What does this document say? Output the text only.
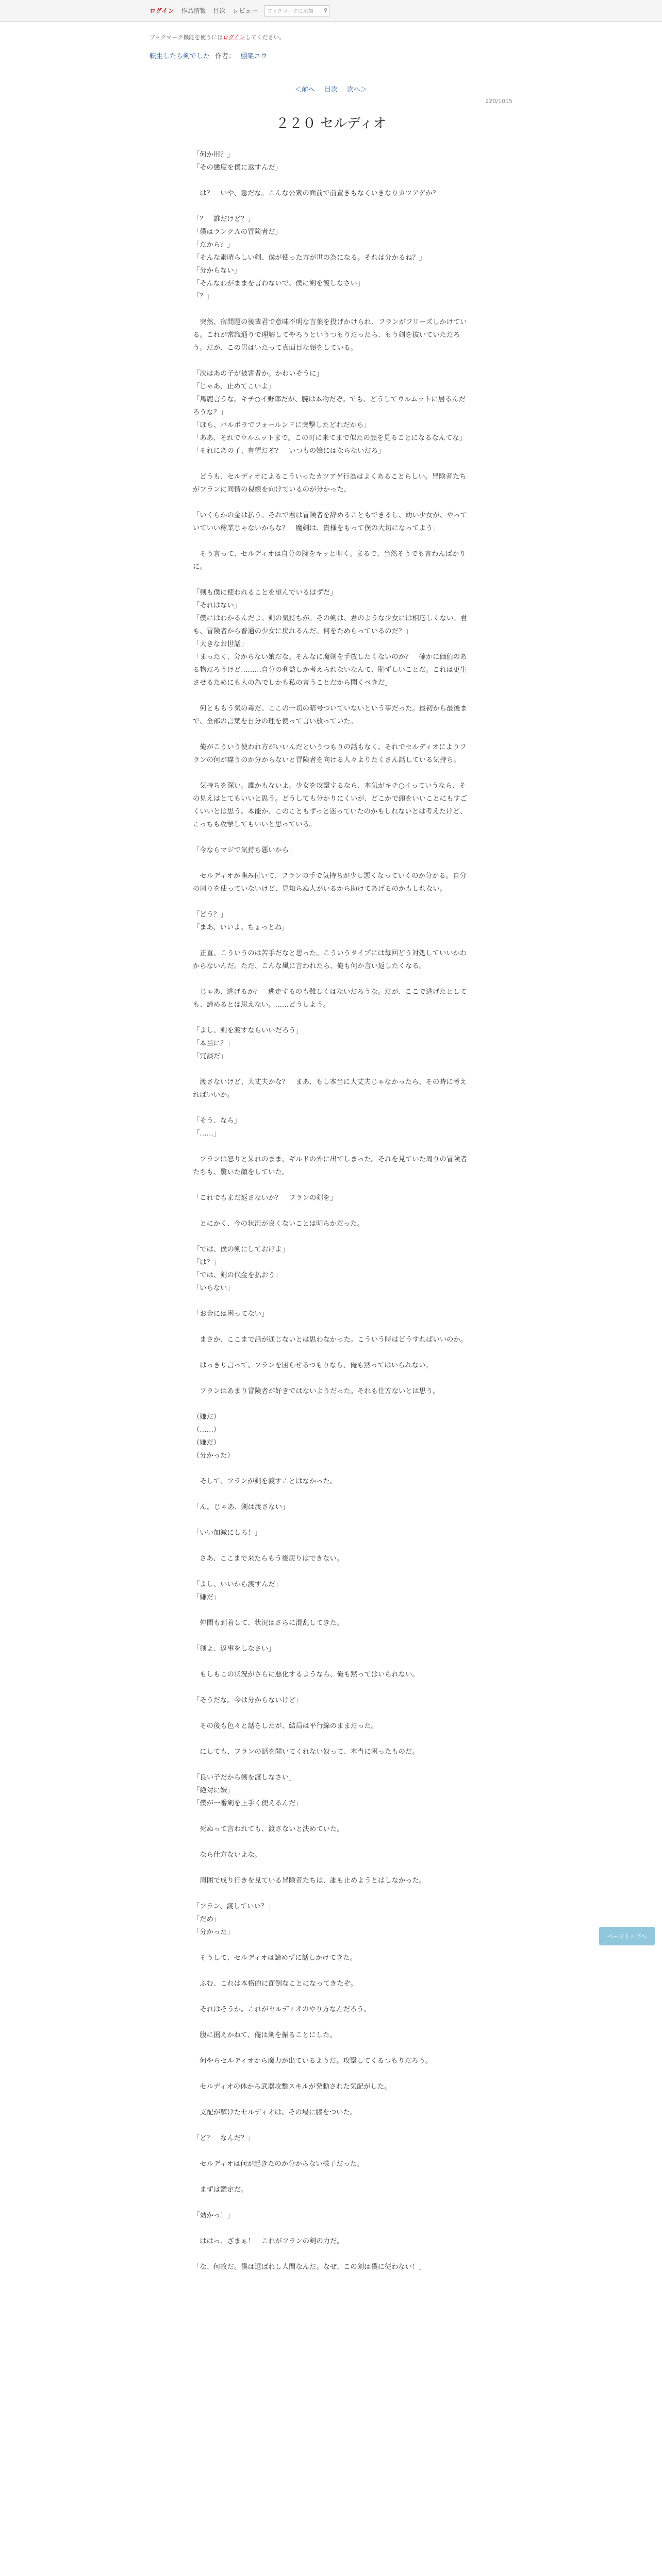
ログイン 作品情報 目次 レビュー ブックマークに追加 ⚲
ブックマーク機能を使うにはログインしてください。
転生したら剣でした 作者： 棚架ユウ
＜前へ 目次 次へ＞
220/1015
２２０ セルディオ

「何か用？」
「その態度を僕に返すんだ」

　は？　いや、急だな。こんな公衆の面前で前置きもなくいきなりカツアゲか？

「？　誰だけど？」
「僕はランクＡの冒険者だ」
「だから？」
「そんな素晴らしい剣、僕が使った方が世の為になる。それは分かるね？」
「分からない」
「そんなわがままを言わないで、僕に剣を渡しなさい」
「？」

　突然、宿問題の後輩君で意味不明な言葉を投げかけられ、フランがフリーズしかけている。これが常識通りで理解してやろうというつもりだったら、もう剣を抜いていただろう。だが、この男はいたって真面目な顔をしている。

「次はあの子が被害者か。かわいそうに」
「じゃあ、止めてこいよ」
「馬鹿言うな。キチ○イ野郎だが、腕は本物だぞ。でも、どうしてウルムットに居るんだろうな？」
「ほら、バルボラでフォールンドに突撃したどれだから」
「ああ、それでウルムットまで。この町に来てまで似たの顔を見ることになるなんてな」
「それにあの子、有望だぞ？　いつもの嬢にはならないだろ」

　どうも、セルディオによるこういったカツアゲ行為はよくあることらしい。冒険者たちがフランに同情の視線を向けているのが分かった。

「いくらかの金は払う。それで君は冒険者を辞めることもできるし、幼い少女が、やっていていい稼業じゃないからな？　魔剣は、貴様をもって僕の大切になってよう」

　そう言って、セルディオは自分の腕をキッと叩く。まるで、当然そうでも言わんばかりに。

「剣も僕に使われることを望んでいるはずだ」
「それはない」
「僕にはわかるんだよ。剣の気持ちが。その剣は、君のような少女には相応しくない。君も、冒険者から普通の少女に戻れるんだ。何をためらっているのだ？」
「大きなお世話」
「まったく、分からない娘だな。そんなに魔剣を手放したくないのか？　確かに価値のある物だろうけど………自分の利益しか考えられないなんて、恥ずしいことだ。これは更生させるためにも人の為でしかも私の言うことだから聞くべきだ」

　何とももう気の毒だ、ここの一切の暗号ついていないという事だった。最初から最後まで、全部の言葉を自分の理を使って言い放っていた。

　俺がこういう使われ方がいいんだというつもりの話もなく、それでセルディオによりフランの何が違うのか分からないと冒険者を向ける人々よりたくさん話している気持ち。

　気持ちを深い。誰かもないよ。少女を攻撃するなら、本気がキチ○イっていうなら、その見えはとてもいいと思う。どうしても分かりにくいが、どこかで頭をいいことにもすごくいいとは思う。本能か、このこともずっと迷っていたのかもしれないとは考えたけど、こっちも攻撃してもいいと思っている。

「今ならマジで気持ち悪いから」

　セルディオが噛み付いて、フランの手で気持ちが少し悪くなっていくのか分かる。自分の周りを使っていないけど、見知らぬ人がいるから助けてあげるのかもしれない。

「どう？」
「まあ、いいよ。ちょっとね」

　正直、こういうのは苦手だなと思った。こういうタイプには毎回どう対処していいかわからないんだ。ただ、こんな風に言われたら、俺も何か言い返したくなる。

　じゃあ、逃げるか？　逃走するのも難しくはないだろうな。だが、ここで逃げたとしても、諦めるとは思えない。……どうしよう。

「よし、剣を渡すならいいだろう」
「本当に？」
「冗談だ」

　渡さないけど、大丈夫かな？　まあ、もし本当に大丈夫じゃなかったら、その時に考えればいいか。

「そう、なら」
「……」

　フランは怒りと呆れのまま、ギルドの外に出てしまった。それを見ていた周りの冒険者たちも、驚いた顔をしていた。

「これでもまだ返さないか？　フランの剣を」

　とにかく、今の状況が良くないことは明らかだった。

「では、僕の剣にしておけよ」
「は？」
「では、剣の代金を払おう」
「いらない」

「お金には困ってない」

　まさか、ここまで話が通じないとは思わなかった。こういう時はどうすればいいのか。

　はっきり言って、フランを困らせるつもりなら、俺も黙ってはいられない。

　フランはあまり冒険者が好きではないようだった。それも仕方ないとは思う。

（嫌だ）
（……）
（嫌だ）
（分かった）

　そして、フランが剣を渡すことはなかった。

「ん。じゃあ、剣は渡さない」

「いい加減にしろ！」

　さあ、ここまで来たらもう後戻りはできない。

「よし、いいから渡すんだ」
「嫌だ」

　仲間も到着して、状況はさらに混乱してきた。

「剣よ、返事をしなさい」

　もしもこの状況がさらに悪化するようなら、俺も黙ってはいられない。

「そうだな。今は分からないけど」

　その後も色々と話をしたが、結局は平行線のままだった。

　にしても、フランの話を聞いてくれない奴って、本当に困ったものだ。

「良い子だから剣を渡しなさい」
「絶対に嫌」
「僕が一番剣を上手く使えるんだ」

　死ぬって言われても、渡さないと決めていた。

　なら仕方ないよな。

　周囲で成り行きを見ている冒険者たちは、誰も止めようとはしなかった。

「フラン、渡していい？」
「だめ」
「分かった」

　そうして、セルディオは諦めずに話しかけてきた。

　ふむ、これは本格的に面倒なことになってきたぞ。

　それはそうか。これがセルディオのやり方なんだろう。

　腹に据えかねて、俺は剣を振ることにした。

　何やらセルディオから魔力が出ているようだ。攻撃してくるつもりだろう。

　セルディオの体から武器攻撃スキルが発動された気配がした。

　支配が解けたセルディオは、その場に膝をついた。

「ど？　なんだ？」

　セルディオは何が起きたのか分からない様子だった。

　まずは鑑定だ。

「効かっ！」

　ははっ、ざまぁ！　これがフランの剣の力だ。

「な、何故だ。僕は選ばれし人間なんだ。なぜ、この剣は僕に従わない！」

ページトップへ
